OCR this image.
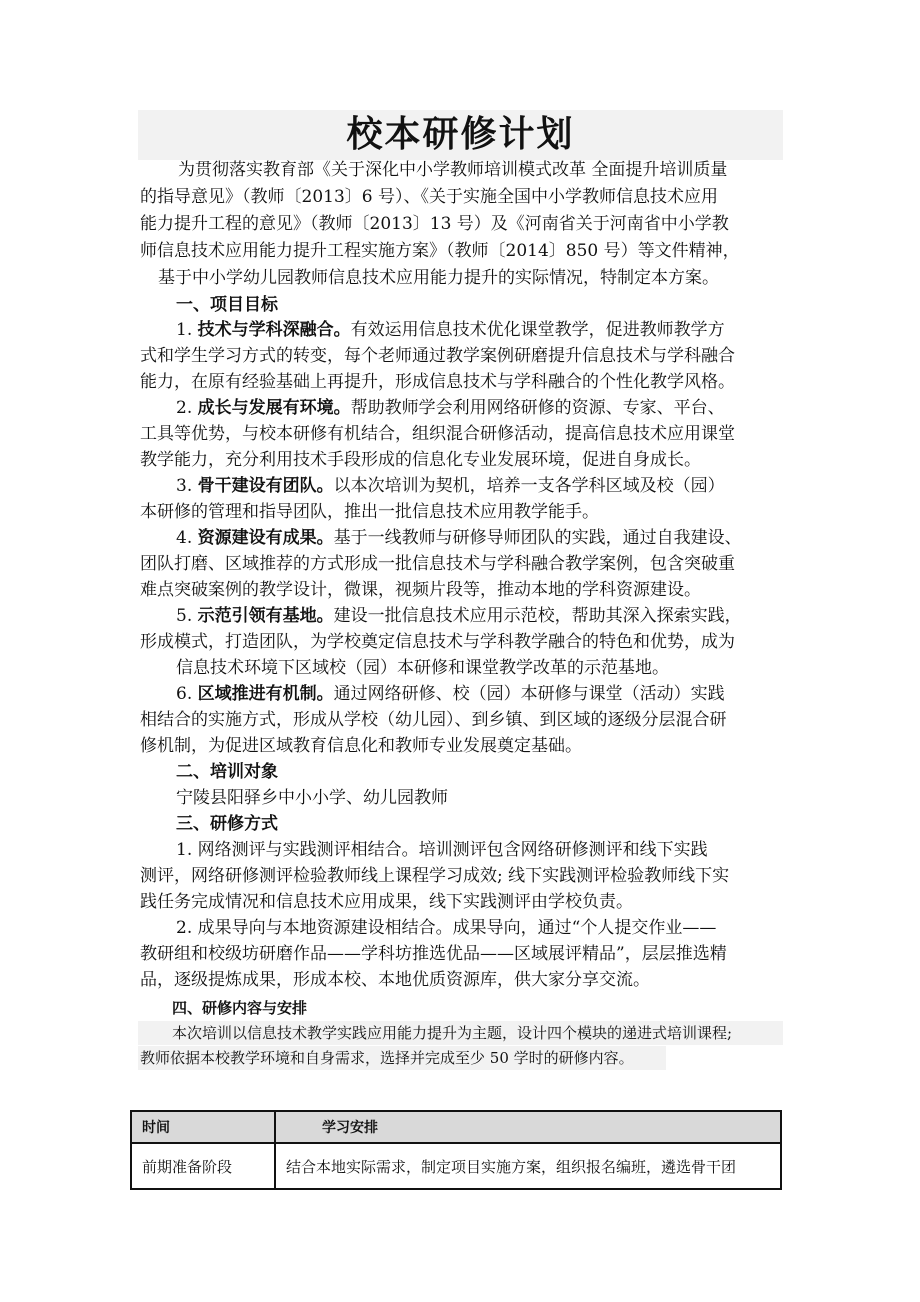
校本研修计划
为贯彻落实教育部《关于深化中小学教师培训模式改革 全面提升培训质量
的指导意见》（教师〔2013〕6 号）、《关于实施全国中小学教师信息技术应用
能力提升工程的意见》（教师〔2013〕13 号）及《河南省关于河南省中小学教
师信息技术应用能力提升工程实施方案》（教师〔2014〕850 号）等文件精神，
基于中小学幼儿园教师信息技术应用能力提升的实际情况，特制定本方案。
一、项目目标
1. 技术与学科深融合。有效运用信息技术优化课堂教学，促进教师教学方
式和学生学习方式的转变，每个老师通过教学案例研磨提升信息技术与学科融合
能力，在原有经验基础上再提升，形成信息技术与学科融合的个性化教学风格。
2. 成长与发展有环境。帮助教师学会利用网络研修的资源、专家、平台、
工具等优势，与校本研修有机结合，组织混合研修活动，提高信息技术应用课堂
教学能力，充分利用技术手段形成的信息化专业发展环境，促进自身成长。
3. 骨干建设有团队。以本次培训为契机，培养一支各学科区域及校（园）
本研修的管理和指导团队，推出一批信息技术应用教学能手。
4. 资源建设有成果。基于一线教师与研修导师团队的实践，通过自我建设、
团队打磨、区域推荐的方式形成一批信息技术与学科融合教学案例，包含突破重
难点突破案例的教学设计，微课，视频片段等，推动本地的学科资源建设。
5. 示范引领有基地。建设一批信息技术应用示范校，帮助其深入探索实践，
形成模式，打造团队，为学校奠定信息技术与学科教学融合的特色和优势，成为
信息技术环境下区域校（园）本研修和课堂教学改革的示范基地。
6. 区域推进有机制。通过网络研修、校（园）本研修与课堂（活动）实践
相结合的实施方式，形成从学校（幼儿园）、到乡镇、到区域的逐级分层混合研
修机制，为促进区域教育信息化和教师专业发展奠定基础。
二、培训对象
宁陵县阳驿乡中小小学、幼儿园教师
三、研修方式
1. 网络测评与实践测评相结合。培训测评包含网络研修测评和线下实践
测评，网络研修测评检验教师线上课程学习成效; 线下实践测评检验教师线下实
践任务完成情况和信息技术应用成果，线下实践测评由学校负责。
2. 成果导向与本地资源建设相结合。成果导向，通过“个人提交作业——
教研组和校级坊研磨作品——学科坊推选优品——区域展评精品”，层层推选精
品，逐级提炼成果，形成本校、本地优质资源库，供大家分享交流。
四、研修内容与安排
本次培训以信息技术教学实践应用能力提升为主题，设计四个模块的递进式培训课程;
教师依据本校教学环境和自身需求，选择并完成至少 50 学时的研修内容。
时间	学习安排
前期准备阶段	结合本地实际需求，制定项目实施方案，组织报名编班，遴选骨干团
